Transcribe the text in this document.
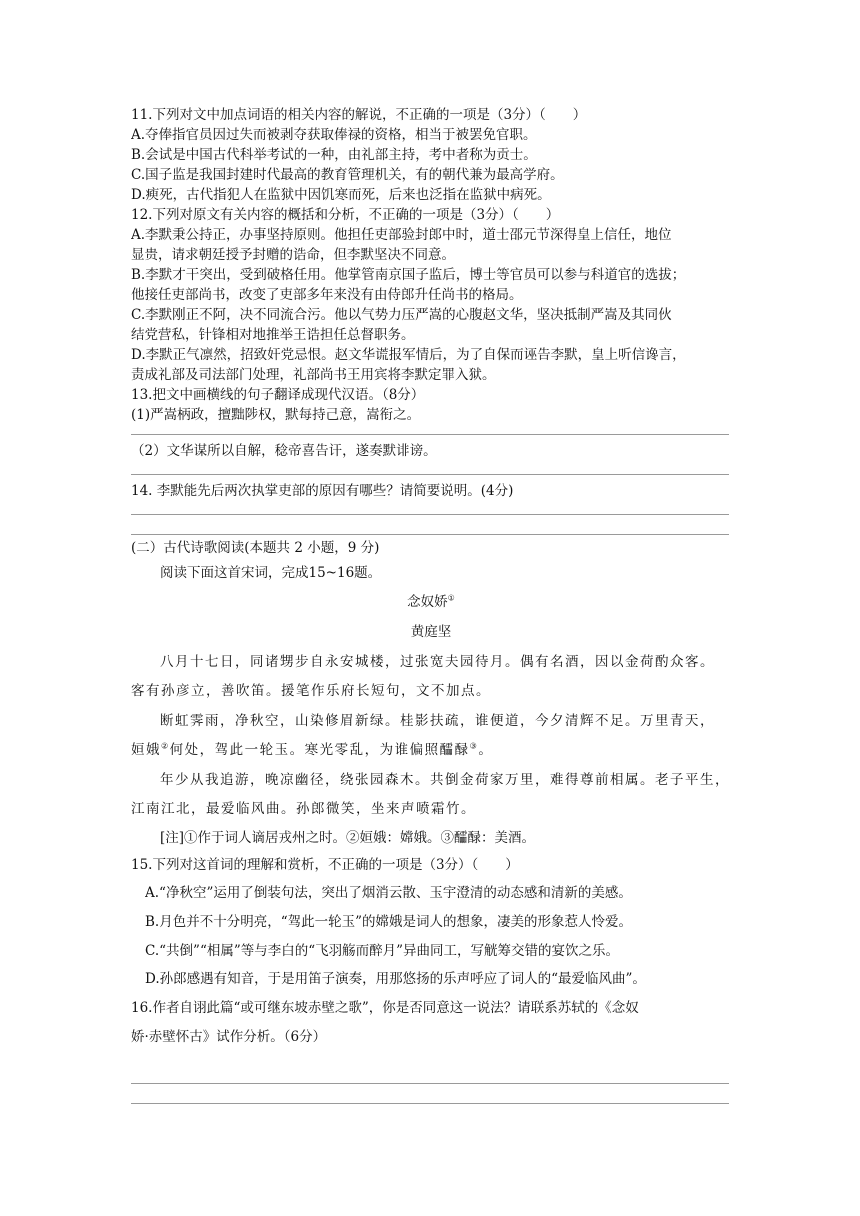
11.下列对文中加点词语的相关内容的解说，不正确的一项是（3分）（　　）
A.夺俸指官员因过失而被剥夺获取俸禄的资格，相当于被罢免官职。
B.会试是中国古代科举考试的一种，由礼部主持，考中者称为贡士。
C.国子监是我国封建时代最高的教育管理机关，有的朝代兼为最高学府。
D.瘐死，古代指犯人在监狱中因饥寒而死，后来也泛指在监狱中病死。
12.下列对原文有关内容的概括和分析，不正确的一项是（3分）（　　）
A.李默秉公持正，办事坚持原则。他担任吏部验封郎中时，道士邵元节深得皇上信任，地位
显贵，请求朝廷授予封赠的诰命，但李默坚决不同意。
B.李默才干突出，受到破格任用。他掌管南京国子监后，博士等官员可以参与科道官的选拔；
他接任吏部尚书，改变了吏部多年来没有由侍郎升任尚书的格局。
C.李默刚正不阿，决不同流合污。他以气势力压严嵩的心腹赵文华，坚决抵制严嵩及其同伙
结党营私，针锋相对地推举王诰担任总督职务。
D.李默正气凛然，招致奸党忌恨。赵文华谎报军情后，为了自保而诬告李默，皇上听信谗言，
责成礼部及司法部门处理，礼部尚书王用宾将李默定罪入狱。
13.把文中画横线的句子翻译成现代汉语。（8分）
(1)严嵩柄政，擅黜陟权，默每持己意，嵩衔之。
（2）文华谋所以自解，稔帝喜告讦，遂奏默诽谤。
14. 李默能先后两次执掌吏部的原因有哪些？请简要说明。(4分)
(二）古代诗歌阅读(本题共 2 小题，9 分)
阅读下面这首宋词，完成15~16题。
念奴娇①
黄庭坚
八月十七日，同诸甥步自永安城楼，过张宽夫园待月。偶有名酒，因以金荷酌众客。
客有孙彦立，善吹笛。援笔作乐府长短句，文不加点。
断虹霁雨，净秋空，山染修眉新绿。桂影扶疏，谁便道，今夕清辉不足。万里青天，
姮娥②何处，驾此一轮玉。寒光零乱，为谁偏照醽醁③。
年少从我追游，晚凉幽径，绕张园森木。共倒金荷家万里，难得尊前相属。老子平生，
江南江北，最爱临风曲。孙郎微笑，坐来声喷霜竹。
[注]①作于词人谪居戎州之时。②姮娥：嫦娥。③醽醁：美酒。
15.下列对这首词的理解和赏析，不正确的一项是（3分）（　　）
A.“净秋空”运用了倒装句法，突出了烟消云散、玉宇澄清的动态感和清新的美感。
B.月色并不十分明亮，“驾此一轮玉”的嫦娥是词人的想象，凄美的形象惹人怜爱。
C.“共倒”“相属”等与李白的“飞羽觞而醉月”异曲同工，写觥筹交错的宴饮之乐。
D.孙郎感遇有知音，于是用笛子演奏，用那悠扬的乐声呼应了词人的“最爱临风曲”。
16.作者自诩此篇“或可继东坡赤壁之歌”，你是否同意这一说法？请联系苏轼的《念奴
娇·赤壁怀古》试作分析。（6分）
